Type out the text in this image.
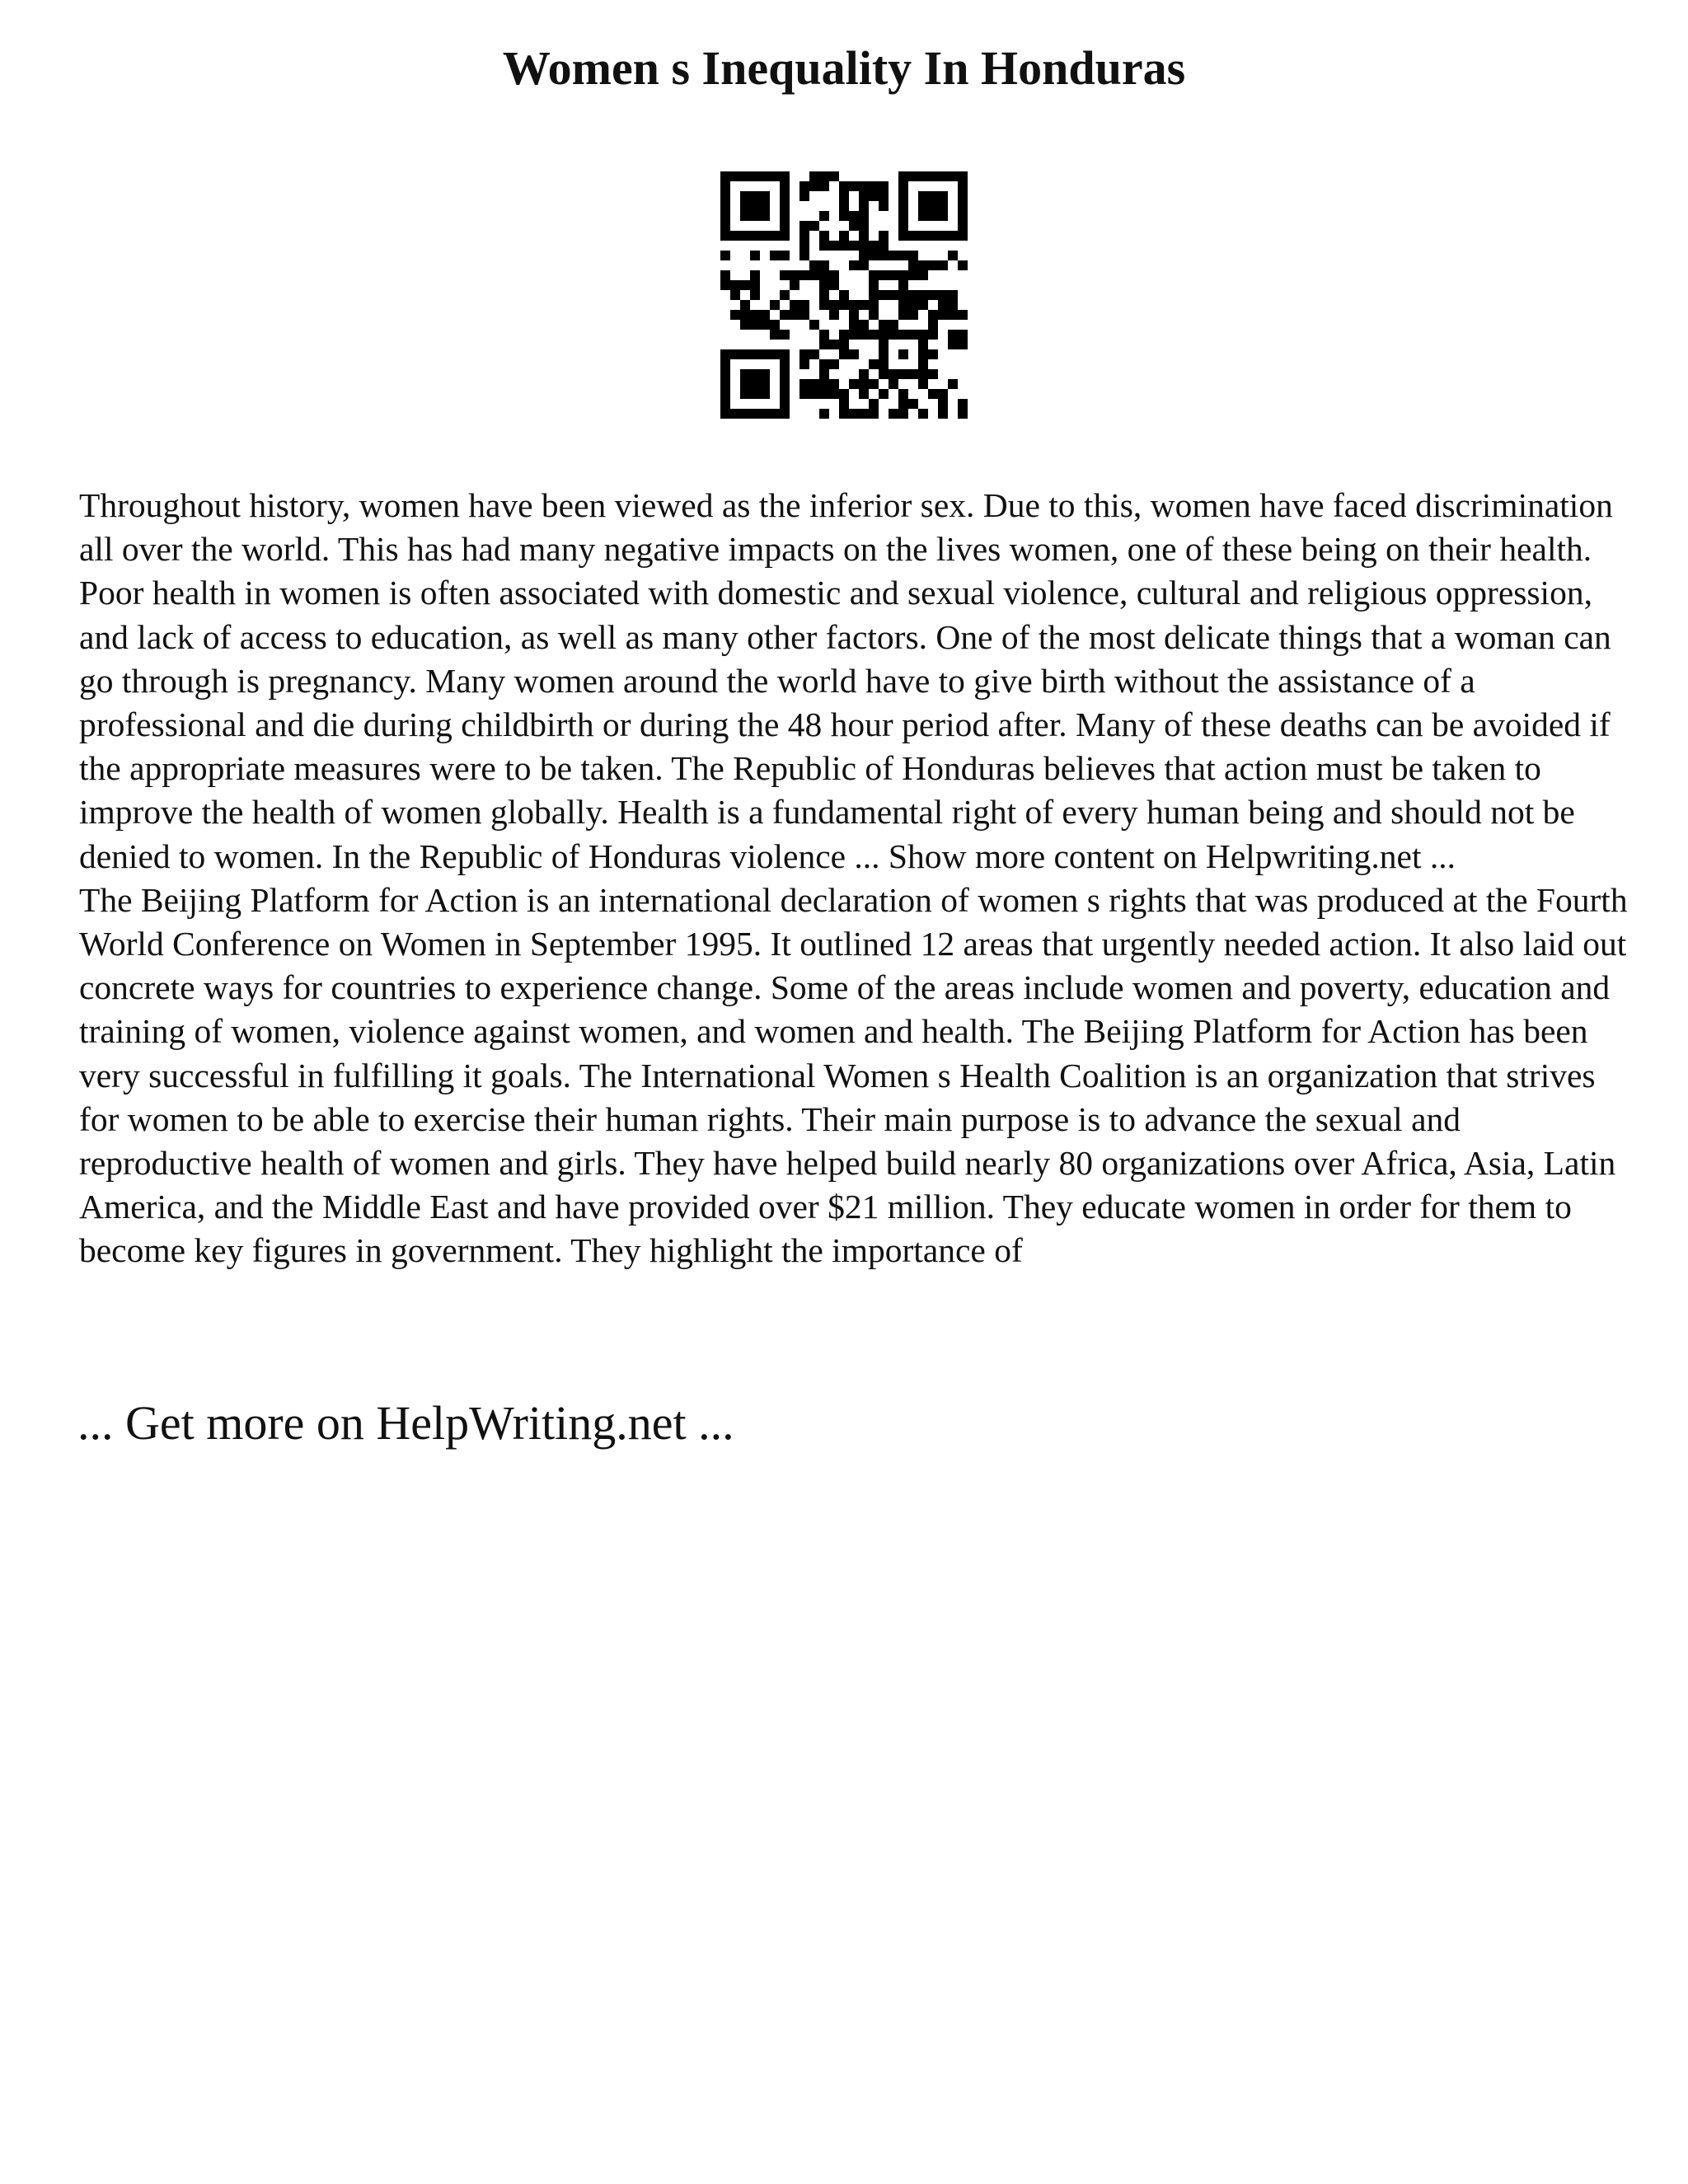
Women s Inequality In Honduras

Throughout history, women have been viewed as the inferior sex. Due to this, women have faced discrimination all over the world. This has had many negative impacts on the lives women, one of these being on their health. Poor health in women is often associated with domestic and sexual violence, cultural and religious oppression, and lack of access to education, as well as many other factors. One of the most delicate things that a woman can go through is pregnancy. Many women around the world have to give birth without the assistance of a professional and die during childbirth or during the 48 hour period after. Many of these deaths can be avoided if the appropriate measures were to be taken. The Republic of Honduras believes that action must be taken to improve the health of women globally. Health is a fundamental right of every human being and should not be denied to women. In the Republic of Honduras violence ... Show more content on Helpwriting.net ...

The Beijing Platform for Action is an international declaration of women s rights that was produced at the Fourth World Conference on Women in September 1995. It outlined 12 areas that urgently needed action. It also laid out concrete ways for countries to experience change. Some of the areas include women and poverty, education and training of women, violence against women, and women and health. The Beijing Platform for Action has been very successful in fulfilling it goals. The International Women s Health Coalition is an organization that strives for women to be able to exercise their human rights. Their main purpose is to advance the sexual and reproductive health of women and girls. They have helped build nearly 80 organizations over Africa, Asia, Latin America, and the Middle East and have provided over $21 million. They educate women in order for them to become key figures in government. They highlight the importance of

... Get more on HelpWriting.net ...
